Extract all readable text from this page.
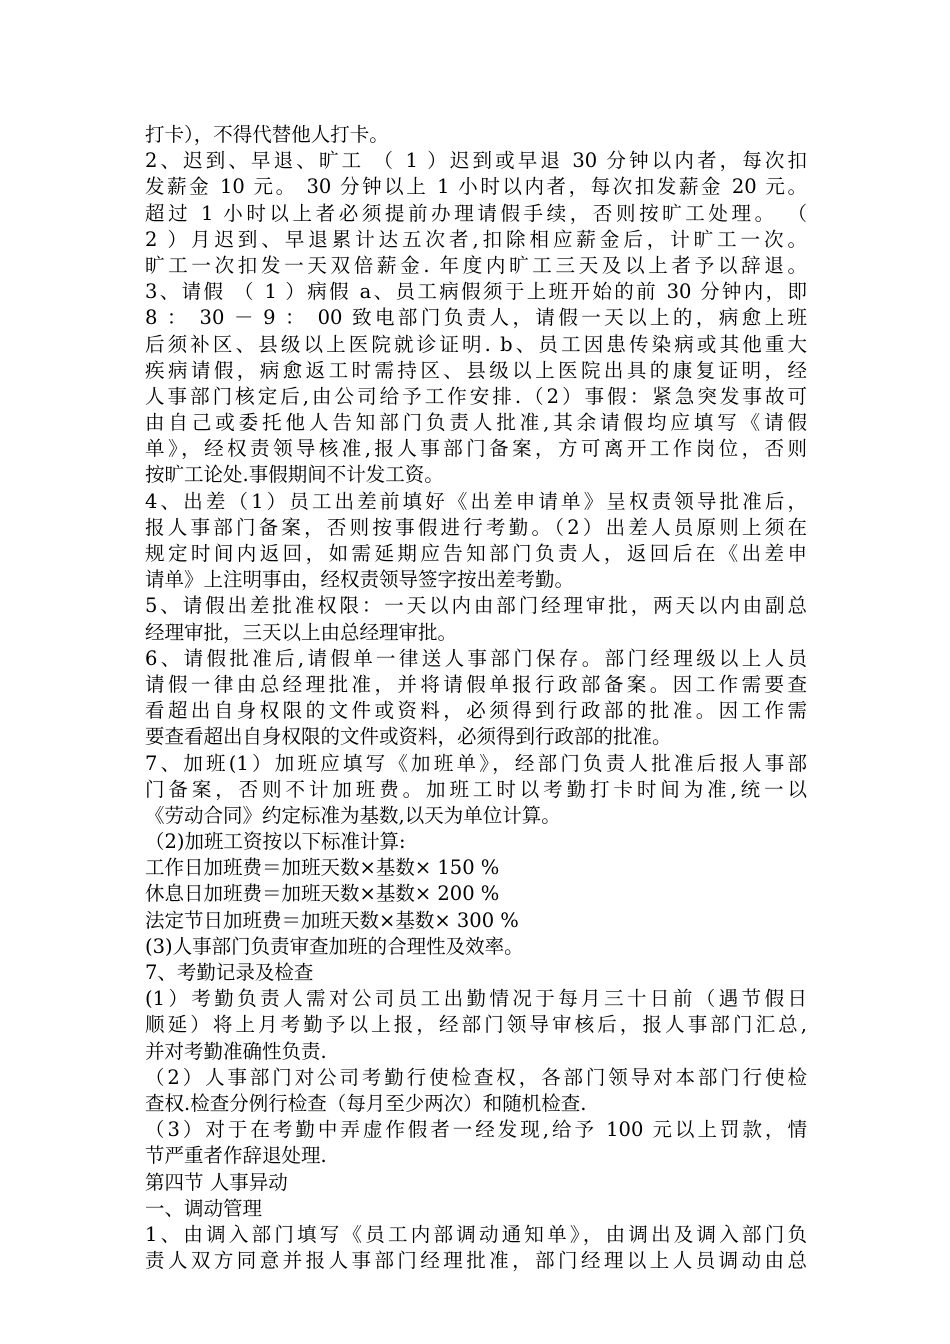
打卡），不得代替他人打卡。
2、迟到、早退、旷工 （ 1 ）迟到或早退 30 分钟以内者，每次扣
发薪金 10 元。 30 分钟以上 1 小时以内者，每次扣发薪金 20 元。
超过 1 小时以上者必须提前办理请假手续，否则按旷工处理。 （
2 ）月迟到、早退累计达五次者,扣除相应薪金后，计旷工一次。
旷工一次扣发一天双倍薪金. 年度内旷工三天及以上者予以辞退。
3、请假 （ 1 ）病假 a、员工病假须于上班开始的前 30 分钟内，即
8 ： 30 － 9 ： 00 致电部门负责人，请假一天以上的，病愈上班
后须补区、县级以上医院就诊证明. b、员工因患传染病或其他重大
疾病请假，病愈返工时需持区、县级以上医院出具的康复证明，经
人事部门核定后,由公司给予工作安排.（2）事假：紧急突发事故可
由自己或委托他人告知部门负责人批准,其余请假均应填写《请假
单》，经权责领导核准,报人事部门备案，方可离开工作岗位，否则
按旷工论处.事假期间不计发工资。
4、出差（1）员工出差前填好《出差申请单》呈权责领导批准后，
报人事部门备案，否则按事假进行考勤。（2）出差人员原则上须在
规定时间内返回，如需延期应告知部门负责人，返回后在《出差申
请单》上注明事由，经权责领导签字按出差考勤。
5、请假出差批准权限：一天以内由部门经理审批，两天以内由副总
经理审批，三天以上由总经理审批。
6、请假批准后,请假单一律送人事部门保存。部门经理级以上人员
请假一律由总经理批准，并将请假单报行政部备案。因工作需要查
看超出自身权限的文件或资料，必须得到行政部的批准。因工作需
要查看超出自身权限的文件或资料，必须得到行政部的批准。
7、加班(1）加班应填写《加班单》，经部门负责人批准后报人事部
门备案，否则不计加班费。加班工时以考勤打卡时间为准,统一以
《劳动合同》约定标准为基数,以天为单位计算。
（2)加班工资按以下标准计算:
工作日加班费＝加班天数×基数× 150 %
休息日加班费＝加班天数×基数× 200 %
法定节日加班费＝加班天数×基数× 300 %
(3)人事部门负责审查加班的合理性及效率。
7、考勤记录及检查
(1）考勤负责人需对公司员工出勤情况于每月三十日前（遇节假日
顺延）将上月考勤予以上报，经部门领导审核后，报人事部门汇总,
并对考勤准确性负责.
（2）人事部门对公司考勤行使检查权，各部门领导对本部门行使检
查权.检查分例行检查（每月至少两次）和随机检查.
（3）对于在考勤中弄虚作假者一经发现,给予 100 元以上罚款，情
节严重者作辞退处理.
第四节 人事异动
一、调动管理
1、由调入部门填写《员工内部调动通知单》，由调出及调入部门负
责人双方同意并报人事部门经理批准，部门经理以上人员调动由总
